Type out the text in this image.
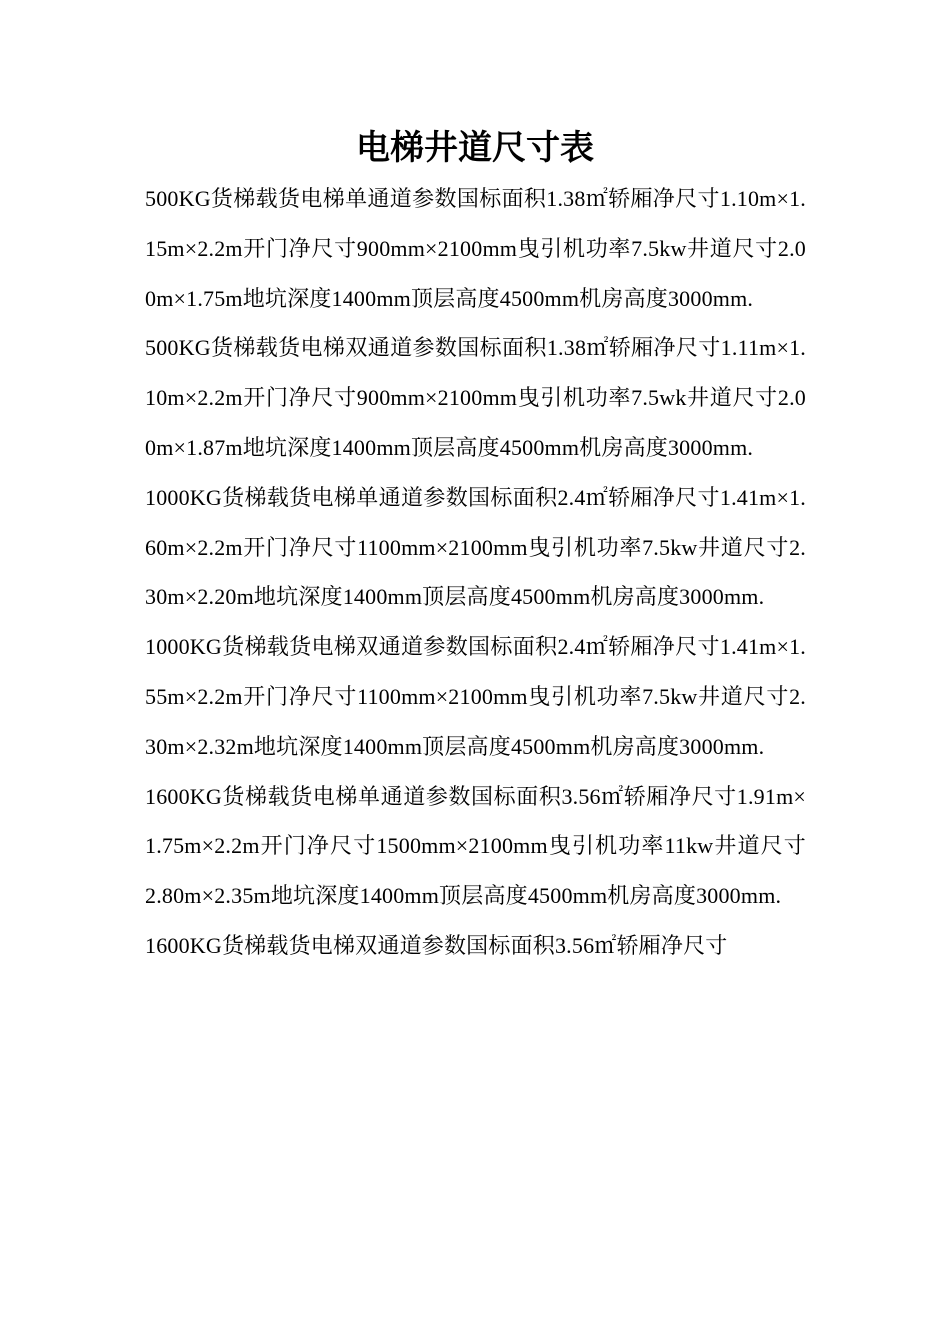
电梯井道尺寸表

500KG货梯载货电梯单通道参数国标面积1.38㎡轿厢净尺寸1.10m×1.15m×2.2m开门净尺寸900mm×2100mm曳引机功率7.5kw井道尺寸2.00m×1.75m地坑深度1400mm顶层高度4500mm机房高度3000mm.

500KG货梯载货电梯双通道参数国标面积1.38㎡轿厢净尺寸1.11m×1.10m×2.2m开门净尺寸900mm×2100mm曳引机功率7.5wk井道尺寸2.00m×1.87m地坑深度1400mm顶层高度4500mm机房高度3000mm.

1000KG货梯载货电梯单通道参数国标面积2.4㎡轿厢净尺寸1.41m×1.60m×2.2m开门净尺寸1100mm×2100mm曳引机功率7.5kw井道尺寸2.30m×2.20m地坑深度1400mm顶层高度4500mm机房高度3000mm.

1000KG货梯载货电梯双通道参数国标面积2.4㎡轿厢净尺寸1.41m×1.55m×2.2m开门净尺寸1100mm×2100mm曳引机功率7.5kw井道尺寸2.30m×2.32m地坑深度1400mm顶层高度4500mm机房高度3000mm.

1600KG货梯载货电梯单通道参数国标面积3.56㎡轿厢净尺寸1.91m×1.75m×2.2m开门净尺寸1500mm×2100mm曳引机功率11kw井道尺寸2.80m×2.35m地坑深度1400mm顶层高度4500mm机房高度3000mm.

1600KG货梯载货电梯双通道参数国标面积3.56㎡轿厢净尺寸
